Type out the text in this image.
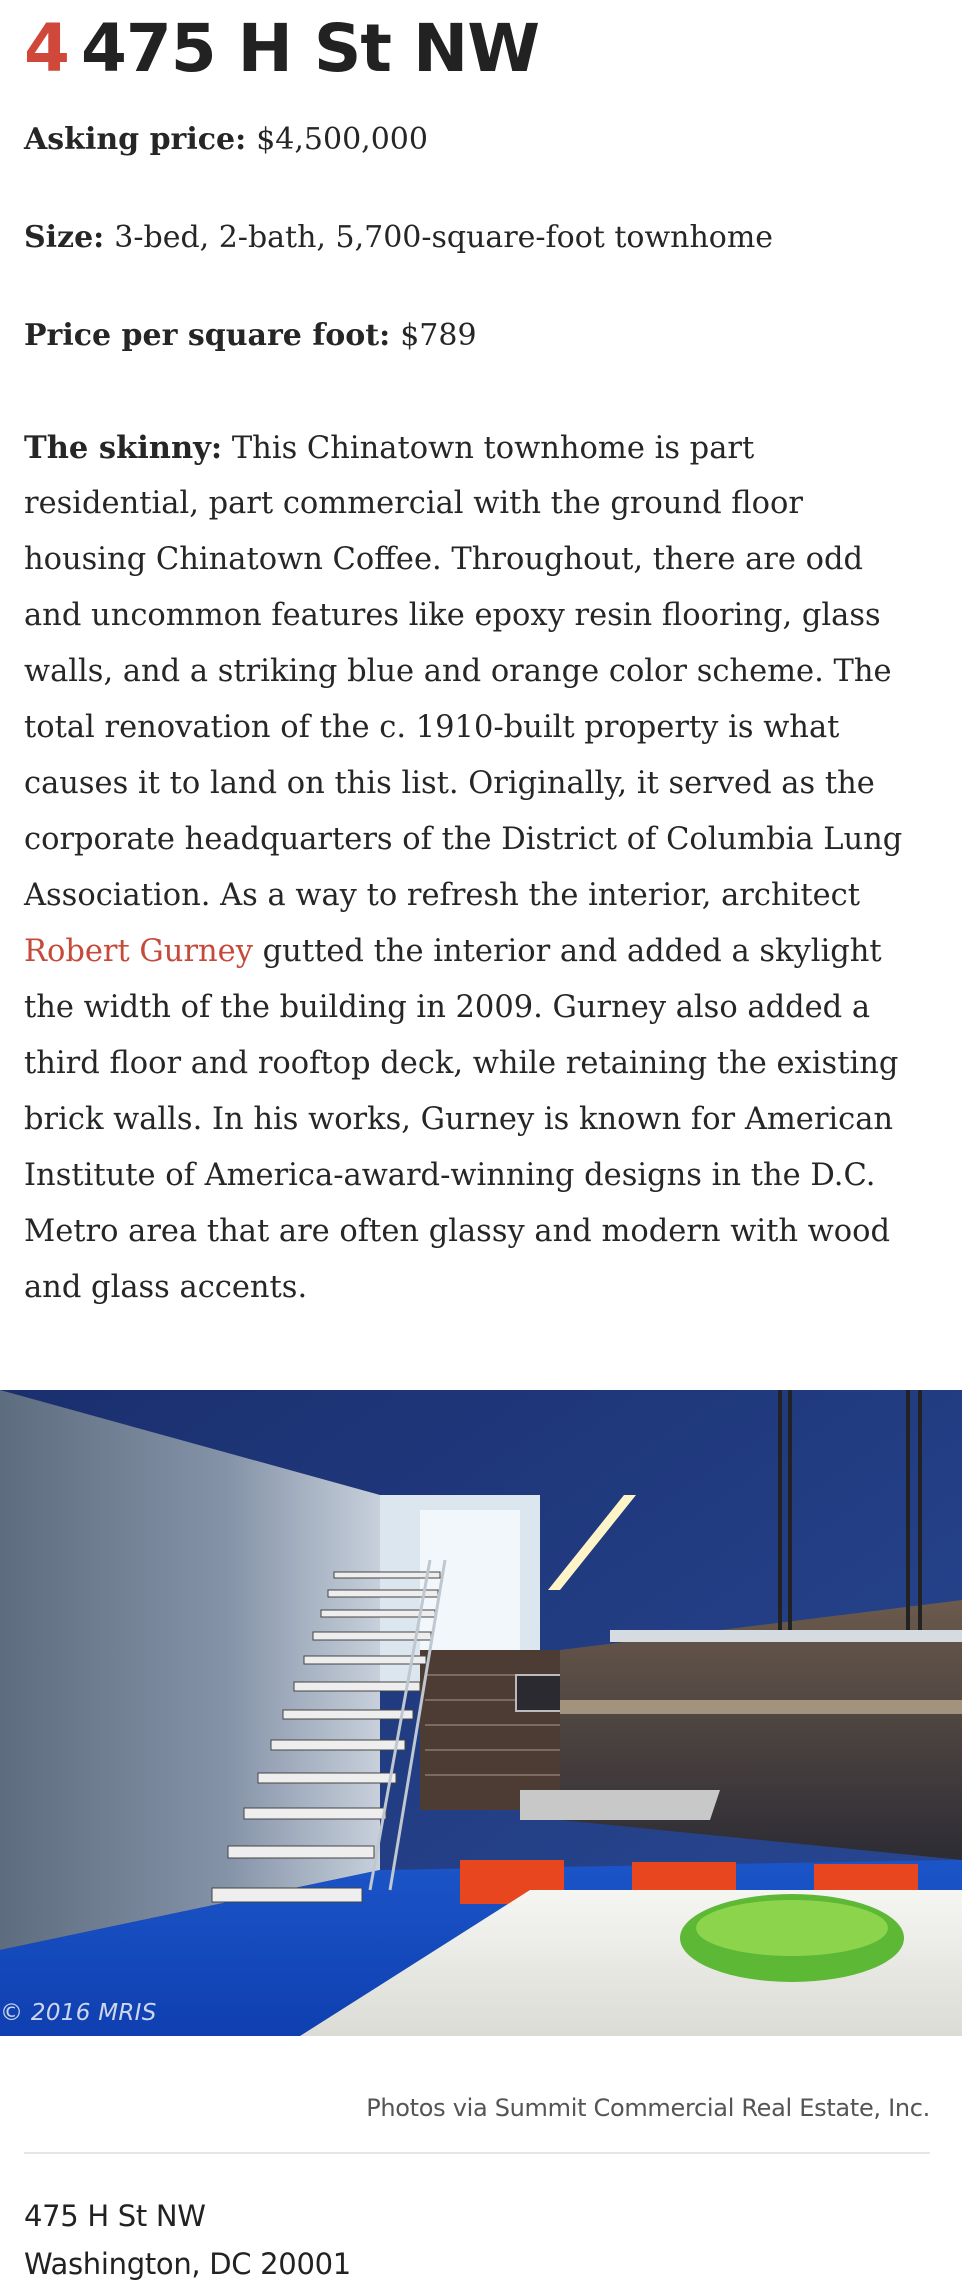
4 475 H St NW

Asking price: $4,500,000

Size: 3-bed, 2-bath, 5,700-square-foot townhome

Price per square foot: $789

The skinny: This Chinatown townhome is part
residential, part commercial with the ground floor
housing Chinatown Coffee. Throughout, there are odd
and uncommon features like epoxy resin flooring, glass
walls, and a striking blue and orange color scheme. The
total renovation of the c. 1910-built property is what
causes it to land on this list. Originally, it served as the
corporate headquarters of the District of Columbia Lung
Association. As a way to refresh the interior, architect
Robert Gurney gutted the interior and added a skylight
the width of the building in 2009. Gurney also added a
third floor and rooftop deck, while retaining the existing
brick walls. In his works, Gurney is known for American
Institute of America-award-winning designs in the D.C.
Metro area that are often glassy and modern with wood
and glass accents.
© 2016 MRIS

Photos via Summit Commercial Real Estate, Inc.

475 H St NW
Washington, DC 20001
